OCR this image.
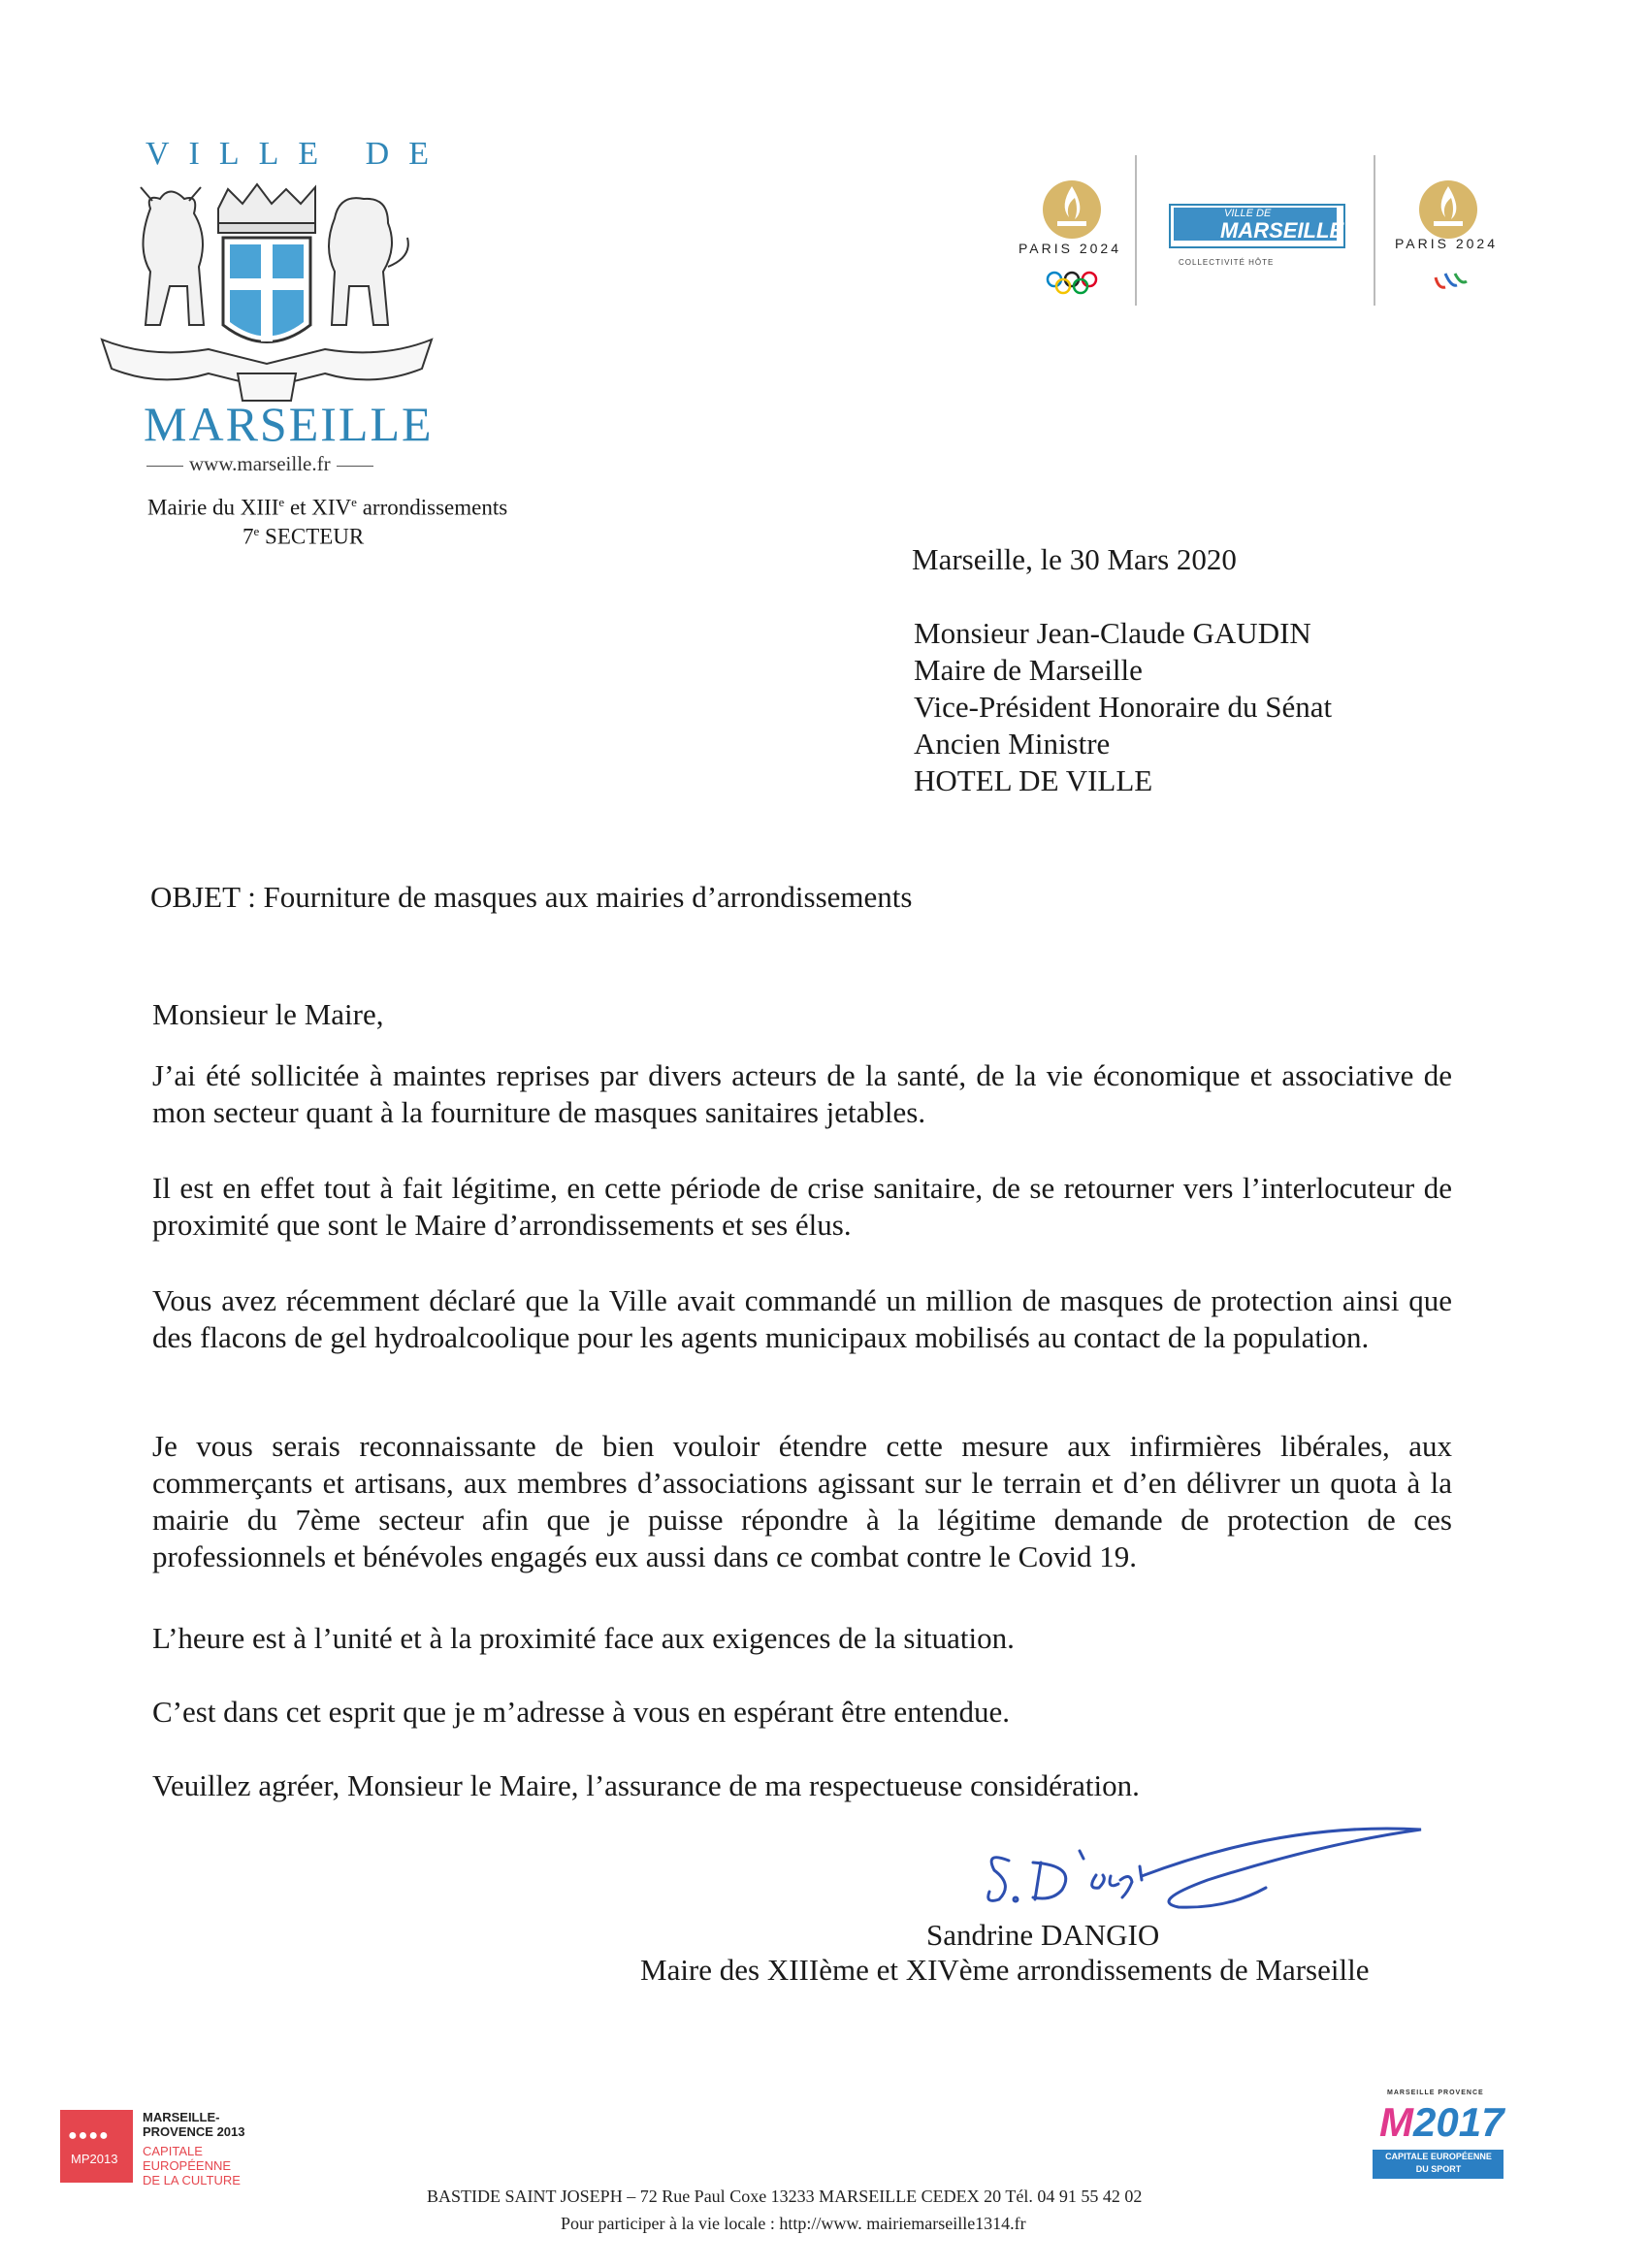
VILLE DE
MARSEILLE
www.marseille.fr
Mairie du XIIIe et XIVe arrondissements
7e SECTEUR
PARIS 2024
VILLE DE
MARSEILLE
COLLECTIVITÉ HÔTE
PARIS 2024
Marseille, le 30 Mars 2020
Monsieur Jean-Claude GAUDIN
Maire de Marseille
Vice-Président Honoraire du Sénat
Ancien Ministre
HOTEL DE VILLE
OBJET : Fourniture de masques aux mairies d’arrondissements
Monsieur le Maire,
J’ai été sollicitée à maintes reprises par divers acteurs de la santé, de la vie économique et associative de mon secteur quant à la fourniture de masques sanitaires jetables.
Il est en effet tout à fait légitime, en cette période de crise sanitaire, de se retourner vers l’interlocuteur de proximité que sont le Maire d’arrondissements et ses élus.
Vous avez récemment déclaré que la Ville avait commandé un million de masques de protection ainsi que des flacons de gel hydroalcoolique pour les agents municipaux mobilisés au contact de la population.
Je vous serais reconnaissante de bien vouloir étendre cette mesure aux infirmières libérales, aux commerçants et artisans, aux membres d’associations agissant sur le terrain et d’en délivrer un quota à la mairie du 7ème secteur afin que je puisse répondre à la légitime demande de protection de ces professionnels et bénévoles engagés eux aussi dans ce combat contre le Covid 19.
L’heure est à l’unité et à la proximité face aux exigences de la situation.
C’est dans cet esprit que je m’adresse à vous en espérant être entendue.
Veuillez agréer, Monsieur le Maire, l’assurance de ma respectueuse considération.
Sandrine DANGIO
Maire des XIIIème et XIVème arrondissements de Marseille
●●●●
MP2013
MARSEILLE-
PROVENCE 2013
CAPITALE
EUROPÉENNE
DE LA CULTURE
MARSEILLE PROVENCE
M2017
CAPITALE EUROPÉENNE
DU SPORT
BASTIDE SAINT JOSEPH – 72 Rue Paul Coxe 13233 MARSEILLE CEDEX 20 Tél. 04 91 55 42 02
Pour participer à la vie locale : http://www. mairiemarseille1314.fr
